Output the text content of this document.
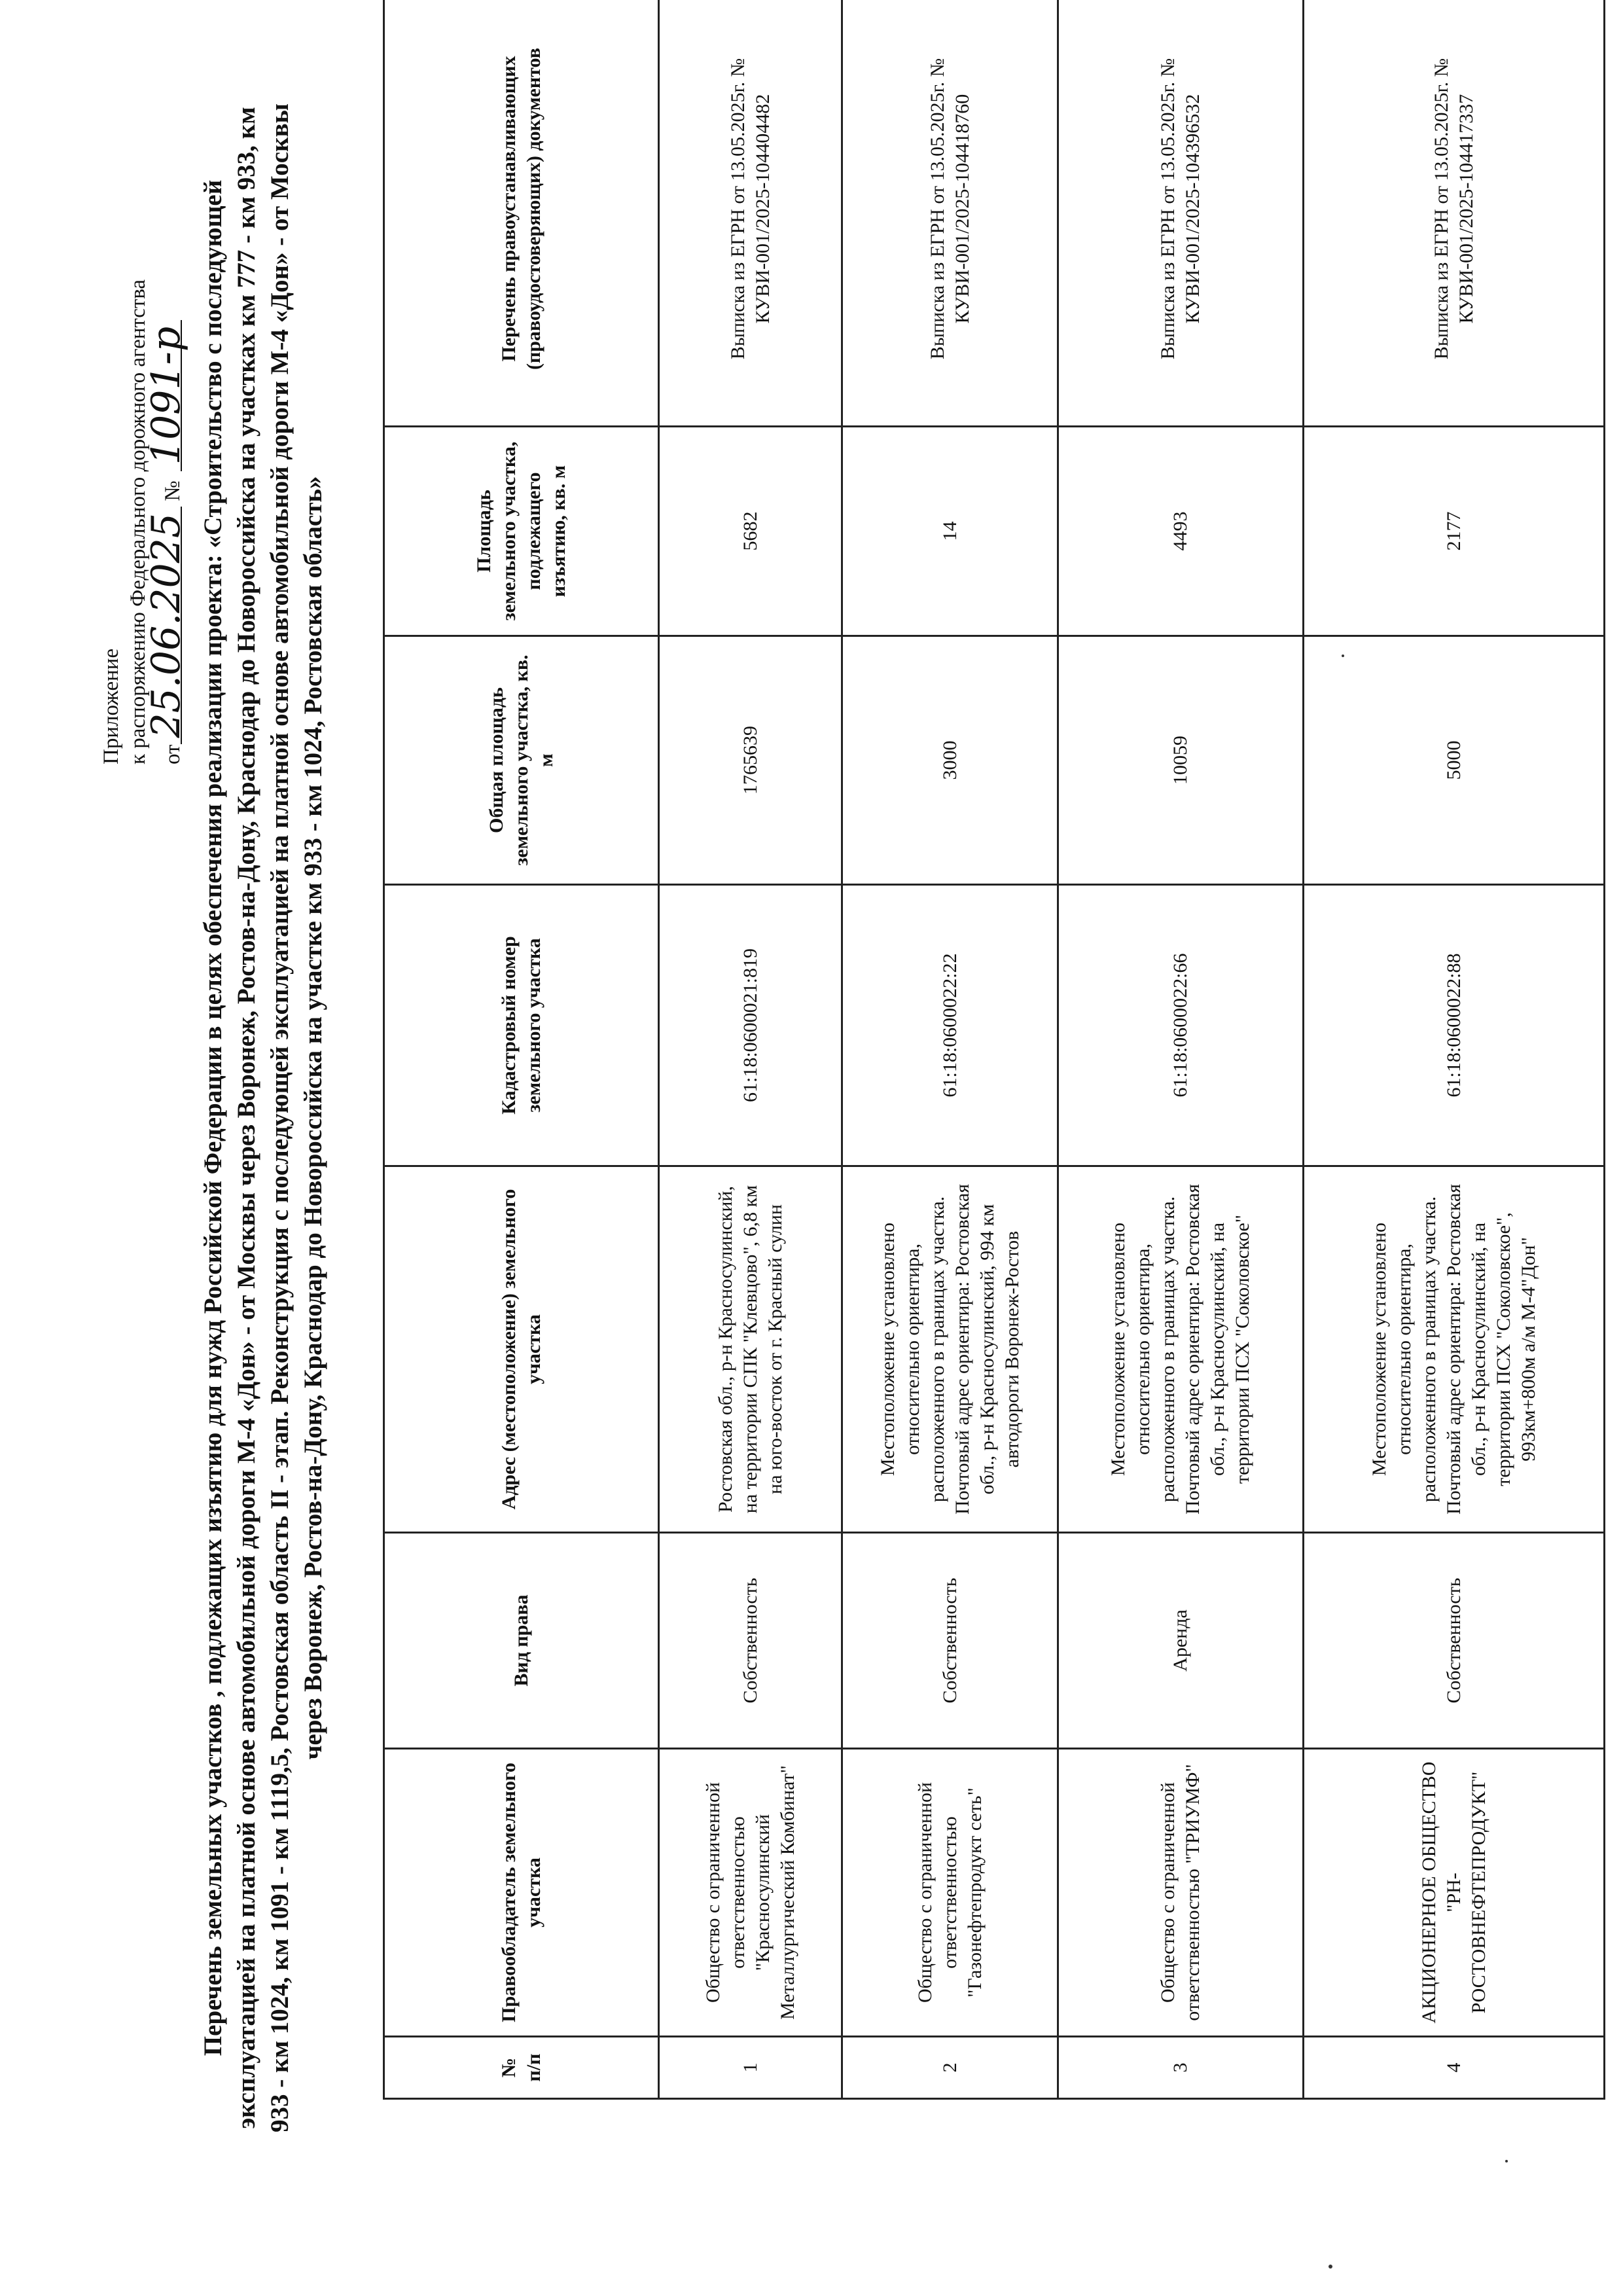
Приложение к распоряжению Федерального дорожного агентства от25.06.2025 №1091-р Перечень земельных участков , подлежащих изъятию для нужд Российской Федерации в целях обеспечения реализации проекта: «Строительство с последующей эксплуатацией на платной основе автомобильной дороги М-4 «Дон» - от Москвы через Воронеж, Ростов-на-Дону, Краснодар до Новороссийска на участках км 777 - км 933, км 933 - км 1024, км 1091 - км 1119,5, Ростовская область II - этап. Реконструкция с последующей эксплуатацией на платной основе автомобильной дороги М-4 «Дон» - от Москвы через Воронеж, Ростов-на-Дону, Краснодар до Новороссийска на участке км 933 - км 1024, Ростовская область»
№ п/п	Правообладатель земельного участка	Вид права	Адрес (местоположение) земельного участка	Кадастровый номер земельного участка	Общая площадь земельного участка, кв. м	Площадь земельного участка, подлежащего изъятию, кв. м	Перечень правоустанавливающих (правоудостоверяющих) документов
1	Общество с ограниченной ответственностью "Красносулинский Металлургический Комбинат"	Собственность	Ростовская обл., р-н Красносулинский, на территории СПК "Клевцово", 6,8 км на юго-восток от г. Красный сулин	61:18:0600021:819	1765639	5682	Выписка из ЕГРН от 13.05.2025г. № КУВИ-001/2025-104404482
2	Общество с ограниченной ответственностью "Газонефтепродукт сеть"	Собственность	Местоположение установлено относительно ориентира, расположенного в границах участка. Почтовый адрес ориентира: Ростовская обл., р-н Красносулинский, 994 км автодороги Воронеж-Ростов	61:18:0600022:22	3000	14	Выписка из ЕГРН от 13.05.2025г. № КУВИ-001/2025-104418760
3	Общество с ограниченной ответственностью "ТРИУМФ"	Аренда	Местоположение установлено относительно ориентира, расположенного в границах участка. Почтовый адрес ориентира: Ростовская обл., р-н Красносулинский, на территории ПСХ "Соколовское"	61:18:0600022:66	10059	4493	Выписка из ЕГРН от 13.05.2025г. № КУВИ-001/2025-104396532
4	АКЦИОНЕРНОЕ ОБЩЕСТВО "РН-РОСТОВНЕФТЕПРОДУКТ"	Собственность	Местоположение установлено относительно ориентира, расположенного в границах участка. Почтовый адрес ориентира: Ростовская обл., р-н Красносулинский, на территории ПСХ "Соколовское", 993км+800м а/м М-4"Дон"	61:18:0600022:88	5000	2177	Выписка из ЕГРН от 13.05.2025г. № КУВИ-001/2025-104417337
